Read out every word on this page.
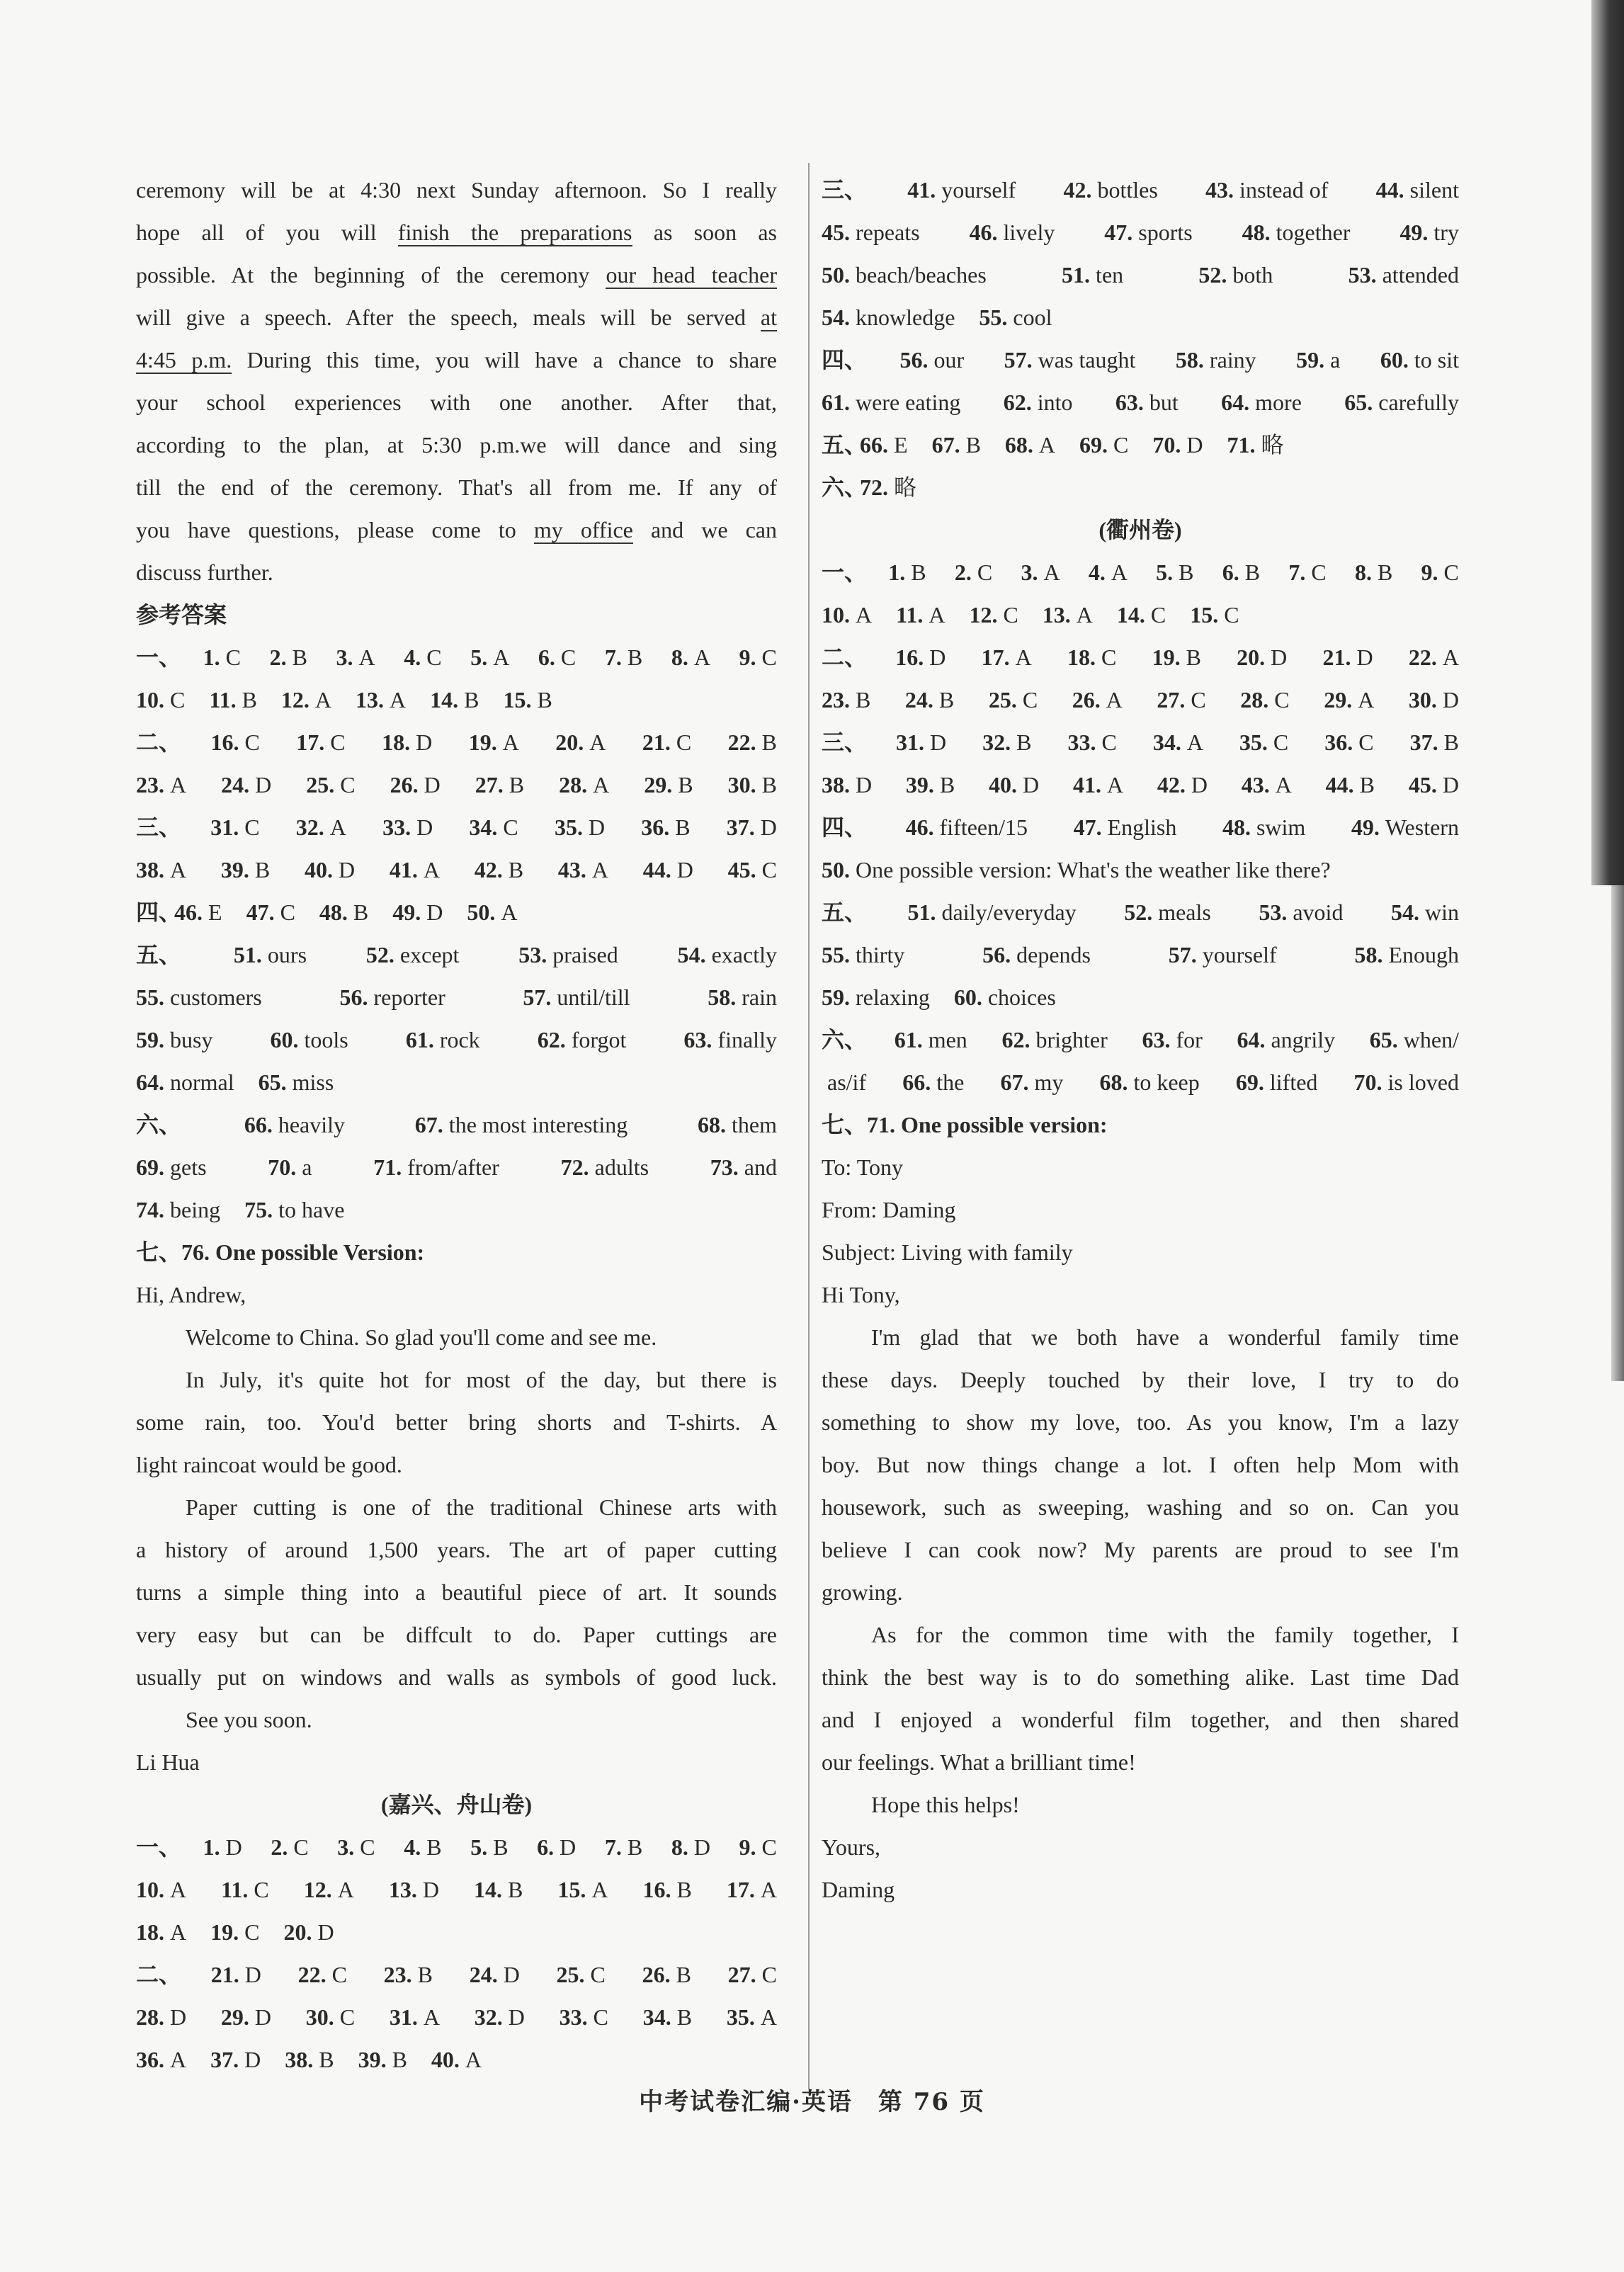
ceremony will be at 4:30 next Sunday afternoon. So I really
hope all of you will finish the preparations as soon as
possible. At the beginning of the ceremony our head teacher
will give a speech. After the speech, meals will be served at
4:45 p.m. During this time, you will have a chance to share
your school experiences with one another. After that,
according to the plan, at 5:30 p.m.we will dance and sing
till the end of the ceremony. That's all from me. If any of
you have questions, please come to my office and we can
discuss further.
参考答案
一、 1. C 2. B 3. A 4. C 5. A 6. C 7. B 8. A 9. C
10. C 11. B 12. A 13. A 14. B 15. B
二、 16. C 17. C 18. D 19. A 20. A 21. C 22. B
23. A 24. D 25. C 26. D 27. B 28. A 29. B 30. B
三、 31. C 32. A 33. D 34. C 35. D 36. B 37. D
38. A 39. B 40. D 41. A 42. B 43. A 44. D 45. C
四、
46. E 47. C 48. B 49. D 50. A
五、 51. ours	52. except	53. praised	54. exactly
55. customers	56. reporter	57. until/till	58. rain
59. busy	60. tools	61. rock	62. forgot	63. finally
64. normal 65. miss
六、	66. heavily	67. the most interesting	68. them
69. gets	70. a	71. from/after	72. adults	73. and
74. being 75. to have
七、76. One possible Version:
Hi, Andrew,
Welcome to China. So glad you'll come and see me.
In July, it's quite hot for most of the day, but there is
some rain, too. You'd better bring shorts and T-shirts. A
light raincoat would be good.
Paper cutting is one of the traditional Chinese arts with
a history of around 1,500 years. The art of paper cutting
turns a simple thing into a beautiful piece of art. It sounds
very easy but can be diffcult to do. Paper cuttings are
usually put on windows and walls as symbols of good luck.
See you soon.
Li Hua
(嘉兴、舟山卷)
一、 1. D 2. C 3. C 4. B 5. B 6. D 7. B 8. D 9. C
10. A 11. C 12. A 13. D 14. B 15. A 16. B 17. A
18. A 19. C 20. D
二、 21. D 22. C 23. B 24. D 25. C 26. B 27. C
28. D 29. D 30. C 31. A 32. D 33. C 34. B 35. A
36. A 37. D 38. B 39. B 40. A
三、 41. yourself 42. bottles 43. instead of 44. silent
45. repeats 46. lively 47. sports 48. together 49. try
50. beach/beaches	51. ten	52. both	53. attended
54. knowledge 55. cool
四、 56. our 57. was taught 58. rainy 59. a 60. to sit
61. were eating 62. into 63. but 64. more 65. carefully
五、
66. E 67. B 68. A 69. C 70. D 71. 略
六、
72. 略
(衢州卷)
一、 1. B 2. C 3. A 4. A 5. B 6. B 7. C 8. B 9. C
10. A 11. A 12. C 13. A 14. C 15. C
二、 16. D 17. A 18. C 19. B 20. D 21. D 22. A
23. B 24. B 25. C 26. A 27. C 28. C 29. A 30. D
三、 31. D 32. B 33. C 34. A 35. C 36. C 37. B
38. D 39. B 40. D 41. A 42. D 43. A 44. B 45. D
四、 46. fifteen/15 47. English 48. swim 49. Western
50. One possible version: What's the weather like there?
五、 51. daily/everyday 52. meals 53. avoid 54. win
55. thirty	56. depends	57. yourself	58. Enough
59. relaxing 60. choices
六、 61. men 62. brighter 63. for 64. angrily 65. when/
as/if 66. the 67. my 68. to keep 69. lifted 70. is loved
七、71. One possible version:
To: Tony
From: Daming
Subject: Living with family
Hi Tony,
I'm glad that we both have a wonderful family time
these days. Deeply touched by their love, I try to do
something to show my love, too. As you know, I'm a lazy
boy. But now things change a lot. I often help Mom with
housework, such as sweeping, washing and so on. Can you
believe I can cook now? My parents are proud to see I'm
growing.
As for the common time with the family together, I
think the best way is to do something alike. Last time Dad
and I enjoyed a wonderful film together, and then shared
our feelings. What a brilliant time!
Hope this helps!
Yours,
Daming
中考试卷汇编·英语　第 76 页
